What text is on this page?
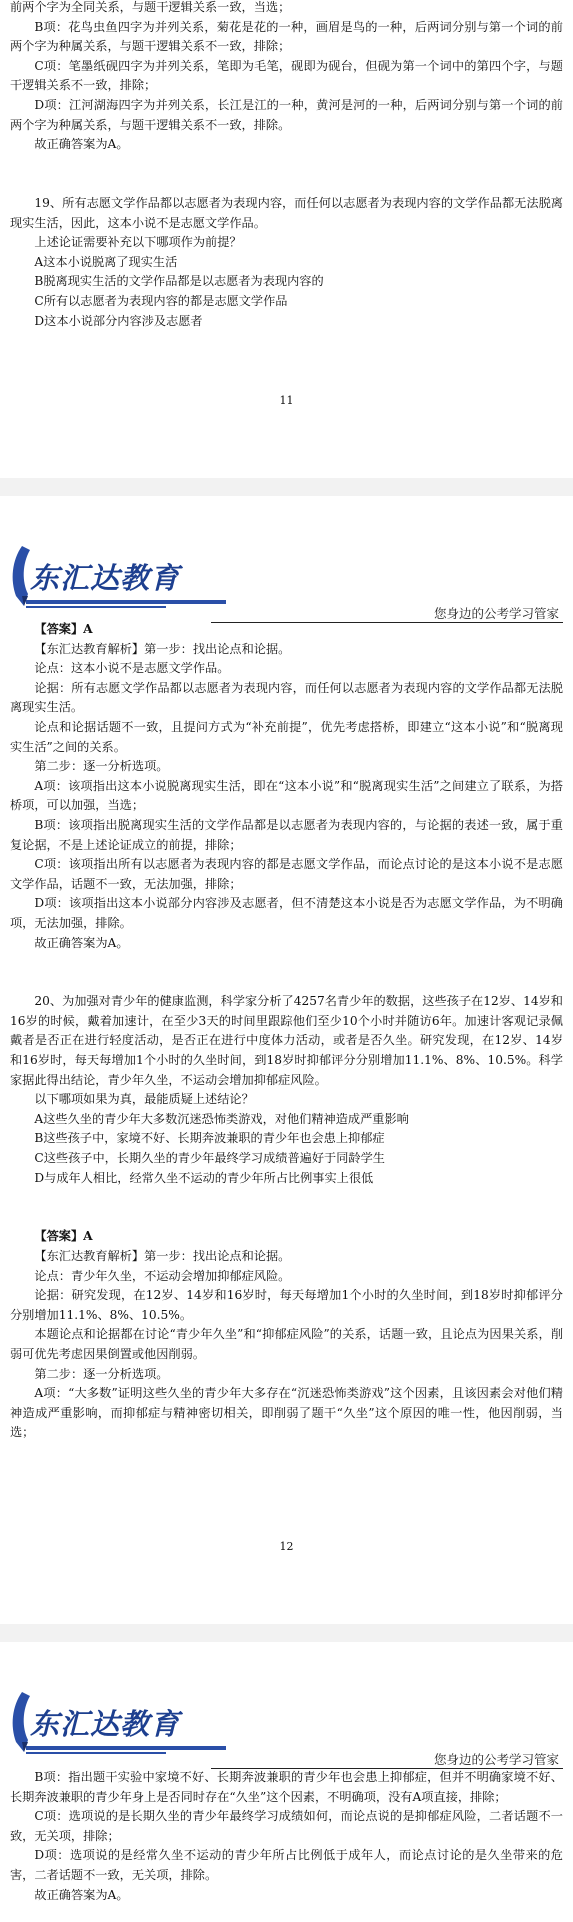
前两个字为全同关系，与题干逻辑关系一致，当选；

B项：花鸟虫鱼四字为并列关系，菊花是花的一种，画眉是鸟的一种，后两词分别与第一个词的前两个字为种属关系，与题干逻辑关系不一致，排除；

C项：笔墨纸砚四字为并列关系，笔即为毛笔，砚即为砚台，但砚为第一个词中的第四个字，与题干逻辑关系不一致，排除；

D项：江河湖海四字为并列关系，长江是江的一种，黄河是河的一种，后两词分别与第一个词的前两个字为种属关系，与题干逻辑关系不一致，排除。

故正确答案为A。

19、所有志愿文学作品都以志愿者为表现内容，而任何以志愿者为表现内容的文学作品都无法脱离现实生活，因此，这本小说不是志愿文学作品。

上述论证需要补充以下哪项作为前提？

A这本小说脱离了现实生活

B脱离现实生活的文学作品都是以志愿者为表现内容的

C所有以志愿者为表现内容的都是志愿文学作品

D这本小说部分内容涉及志愿者

11
东汇达教育
您身边的公考学习管家

【答案】A

【东汇达教育解析】第一步：找出论点和论据。

论点：这本小说不是志愿文学作品。

论据：所有志愿文学作品都以志愿者为表现内容，而任何以志愿者为表现内容的文学作品都无法脱离现实生活。

论点和论据话题不一致，且提问方式为“补充前提”，优先考虑搭桥，即建立“这本小说”和“脱离现实生活”之间的关系。

第二步：逐一分析选项。

A项：该项指出这本小说脱离现实生活，即在“这本小说”和“脱离现实生活”之间建立了联系，为搭桥项，可以加强，当选；

B项：该项指出脱离现实生活的文学作品都是以志愿者为表现内容的，与论据的表述一致，属于重复论据，不是上述论证成立的前提，排除；

C项：该项指出所有以志愿者为表现内容的都是志愿文学作品，而论点讨论的是这本小说不是志愿文学作品，话题不一致，无法加强，排除；

D项：该项指出这本小说部分内容涉及志愿者，但不清楚这本小说是否为志愿文学作品，为不明确项，无法加强，排除。

故正确答案为A。

20、为加强对青少年的健康监测，科学家分析了4257名青少年的数据，这些孩子在12岁、14岁和16岁的时候，戴着加速计，在至少3天的时间里跟踪他们至少10个小时并随访6年。加速计客观记录佩戴者是否正在进行轻度活动，是否正在进行中度体力活动，或者是否久坐。研究发现，在12岁、14岁和16岁时，每天每增加1个小时的久坐时间，到18岁时抑郁评分分别增加11.1%、8%、10.5%。科学家据此得出结论，青少年久坐，不运动会增加抑郁症风险。

以下哪项如果为真，最能质疑上述结论？

A这些久坐的青少年大多数沉迷恐怖类游戏，对他们精神造成严重影响

B这些孩子中，家境不好、长期奔波兼职的青少年也会患上抑郁症

C这些孩子中，长期久坐的青少年最终学习成绩普遍好于同龄学生

D与成年人相比，经常久坐不运动的青少年所占比例事实上很低

【答案】A

【东汇达教育解析】第一步：找出论点和论据。

论点：青少年久坐，不运动会增加抑郁症风险。

论据：研究发现，在12岁、14岁和16岁时，每天每增加1个小时的久坐时间，到18岁时抑郁评分分别增加11.1%、8%、10.5%。

本题论点和论据都在讨论“青少年久坐”和“抑郁症风险”的关系，话题一致，且论点为因果关系，削弱可优先考虑因果倒置或他因削弱。

第二步：逐一分析选项。

A项：“大多数”证明这些久坐的青少年大多存在“沉迷恐怖类游戏”这个因素，且该因素会对他们精神造成严重影响，而抑郁症与精神密切相关，即削弱了题干“久坐”这个原因的唯一性，他因削弱，当选；

12
东汇达教育
您身边的公考学习管家

B项：指出题干实验中家境不好、长期奔波兼职的青少年也会患上抑郁症，但并不明确家境不好、长期奔波兼职的青少年身上是否同时存在“久坐”这个因素，不明确项，没有A项直接，排除；

C项：选项说的是长期久坐的青少年最终学习成绩如何，而论点说的是抑郁症风险，二者话题不一致，无关项，排除；

D项：选项说的是经常久坐不运动的青少年所占比例低于成年人，而论点讨论的是久坐带来的危害，二者话题不一致，无关项，排除。

故正确答案为A。
